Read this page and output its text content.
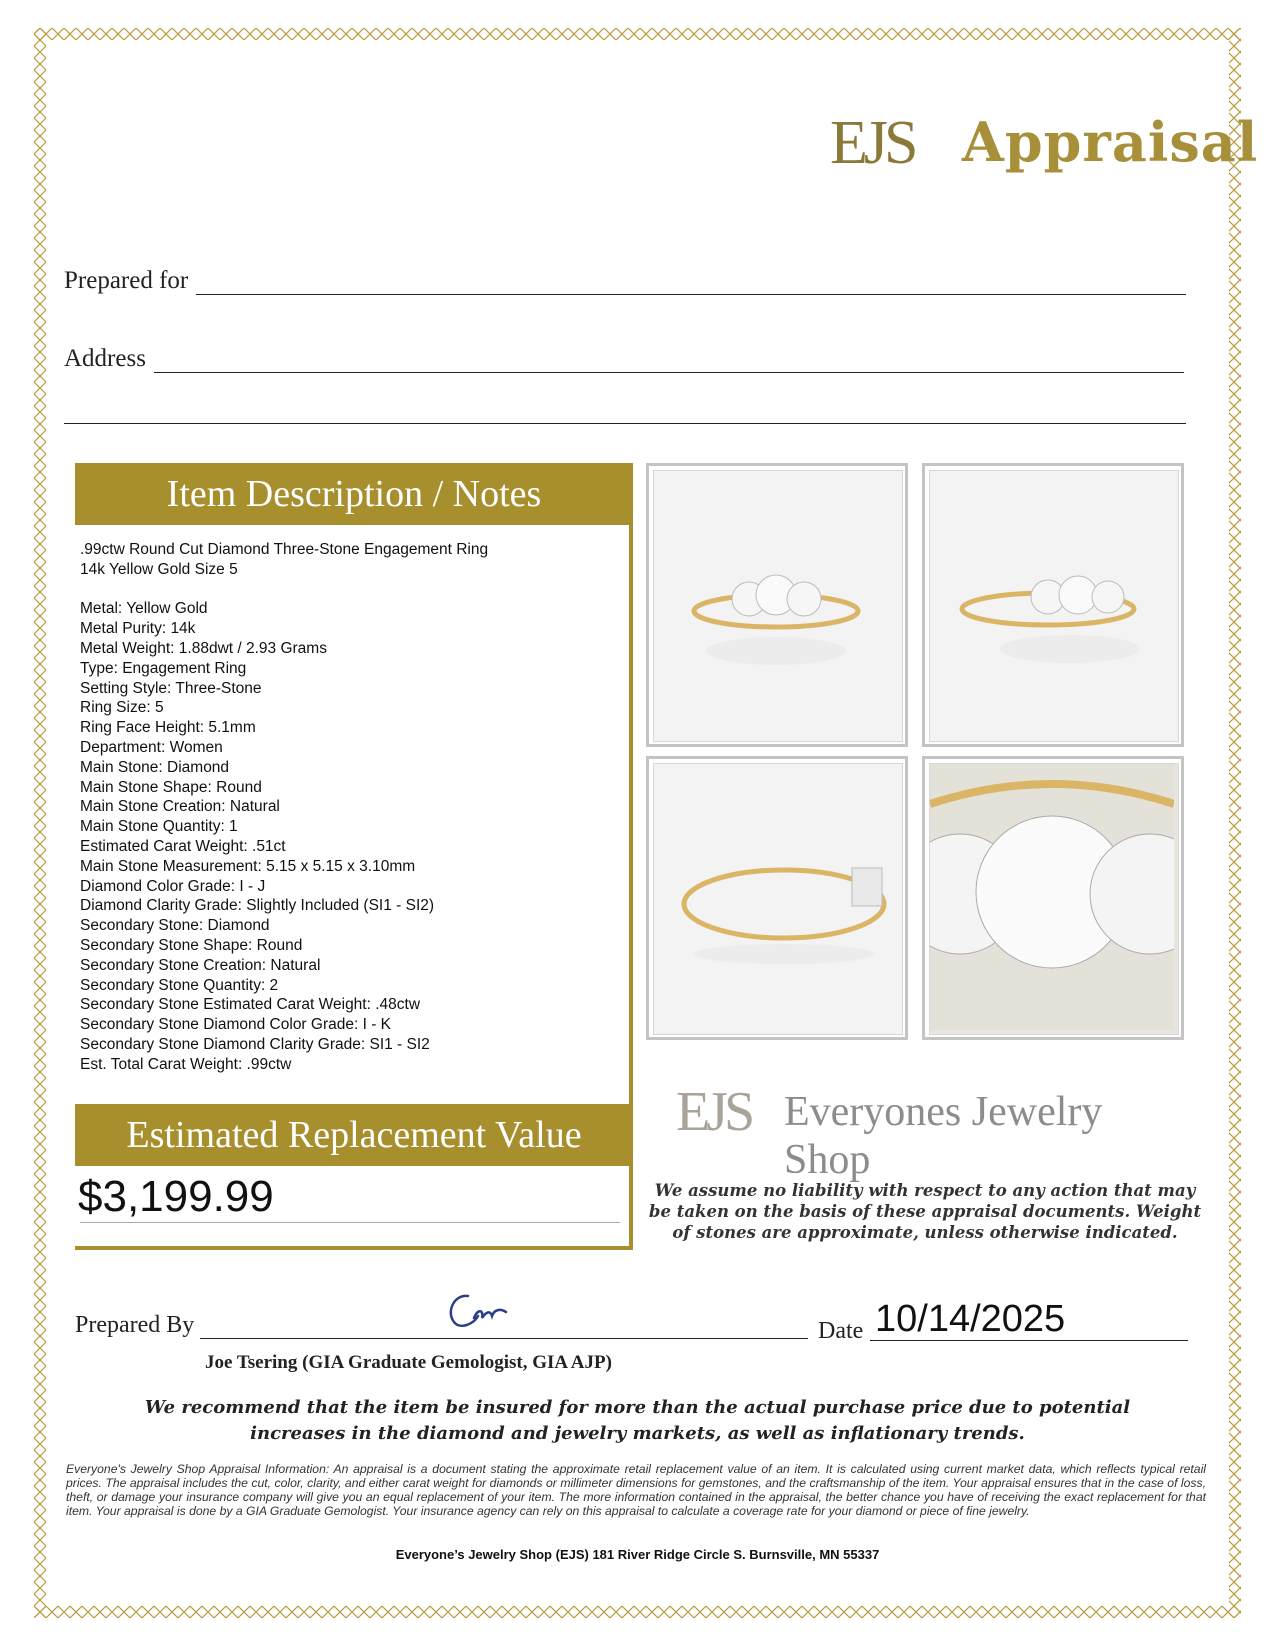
EJS Appraisal
Prepared for
Address
Item Description / Notes
.99ctw Round Cut Diamond Three-Stone Engagement Ring
14k Yellow Gold Size 5
Metal: Yellow Gold
Metal Purity: 14k
Metal Weight: 1.88dwt / 2.93 Grams
Type: Engagement Ring
Setting Style: Three-Stone
Ring Size: 5
Ring Face Height: 5.1mm
Department: Women
Main Stone: Diamond
Main Stone Shape: Round
Main Stone Creation: Natural
Main Stone Quantity: 1
Estimated Carat Weight: .51ct
Main Stone Measurement: 5.15 x 5.15 x 3.10mm
Diamond Color Grade: I - J
Diamond Clarity Grade: Slightly Included (SI1 - SI2)
Secondary Stone: Diamond
Secondary Stone Shape: Round
Secondary Stone Creation: Natural
Secondary Stone Quantity: 2
Secondary Stone Estimated Carat Weight: .48ctw
Secondary Stone Diamond Color Grade: I - K
Secondary Stone Diamond Clarity Grade: SI1 - SI2
Est. Total Carat Weight: .99ctw
Estimated Replacement Value
$3,199.99
EJS Everyones Jewelry Shop
We assume no liability with respect to any action that may be taken on the basis of these appraisal documents. Weight of stones are approximate, unless otherwise indicated.
Prepared By	Date 10/14/2025
Joe Tsering (GIA Graduate Gemologist, GIA AJP)
We recommend that the item be insured for more than the actual purchase price due to potential increases in the diamond and jewelry markets, as well as inflationary trends.
Everyone's Jewelry Shop Appraisal Information: An appraisal is a document stating the approximate retail replacement value of an item. It is calculated using current market data, which reflects typical retail prices. The appraisal includes the cut, color, clarity, and either carat weight for diamonds or millimeter dimensions for gemstones, and the craftsmanship of the item. Your appraisal ensures that in the case of loss, theft, or damage your insurance company will give you an equal replacement of your item. The more information contained in the appraisal, the better chance you have of receiving the exact replacement for that item. Your appraisal is done by a GIA Graduate Gemologist. Your insurance agency can rely on this appraisal to calculate a coverage rate for your diamond or piece of fine jewelry.
Everyone’s Jewelry Shop (EJS) 181 River Ridge Circle S. Burnsville, MN 55337
